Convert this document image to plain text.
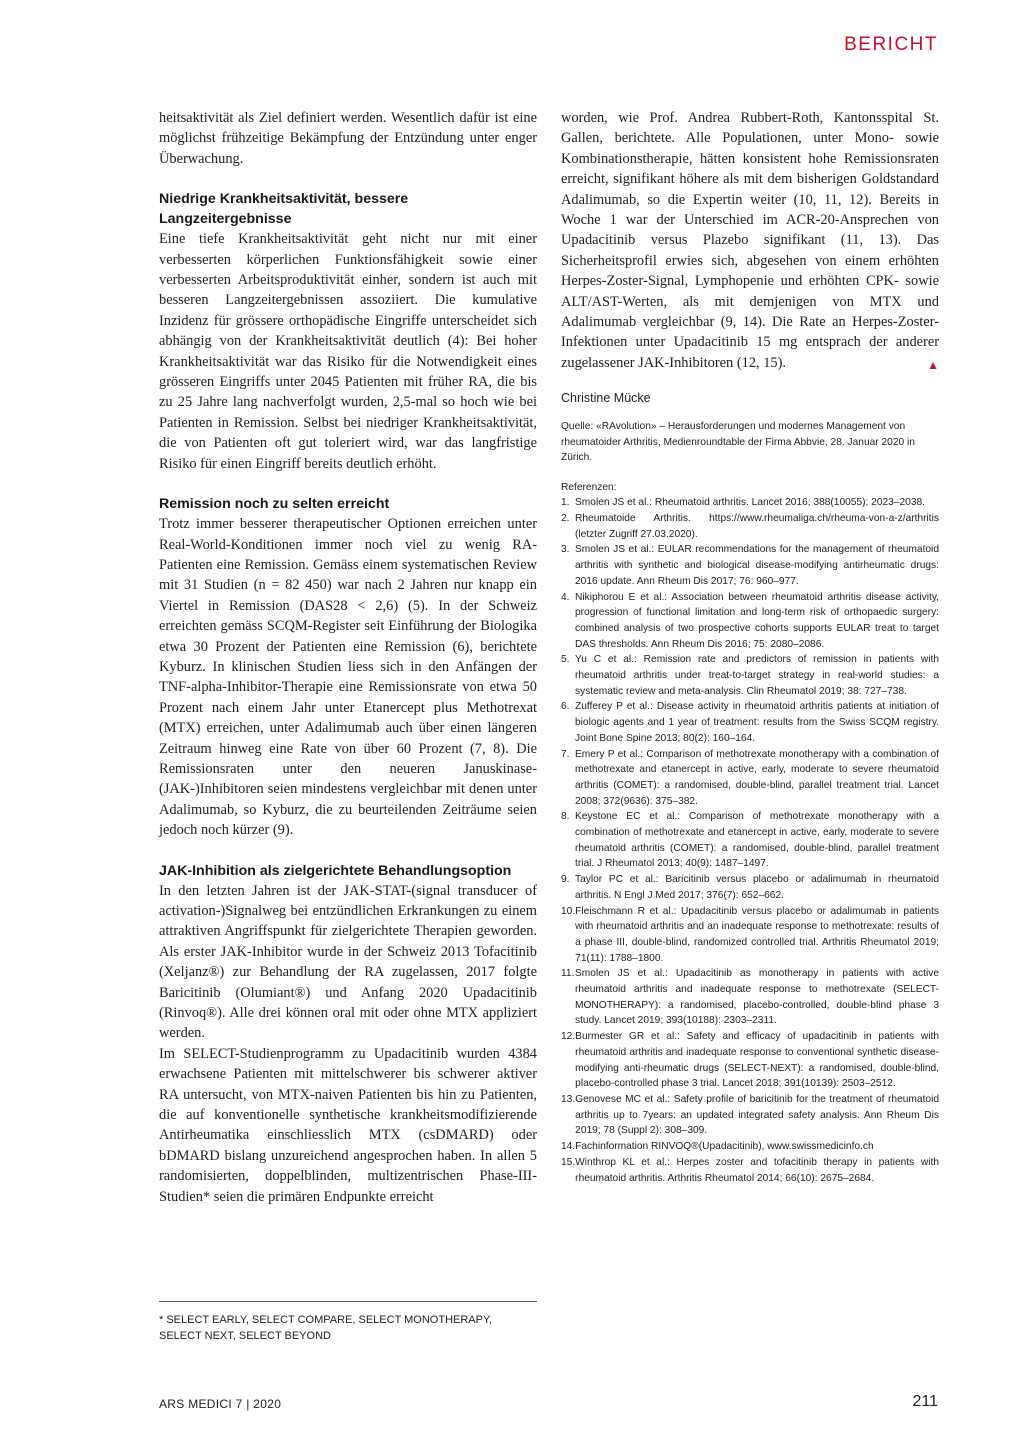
BERICHT

heitsaktivität als Ziel definiert werden. Wesentlich dafür ist eine möglichst frühzeitige Bekämpfung der Entzündung unter enger Überwachung.

Niedrige Krankheitsaktivität, bessere Langzeitergebnisse

Eine tiefe Krankheitsaktivität geht nicht nur mit einer verbesserten körperlichen Funktionsfähigkeit sowie einer verbesserten Arbeitsproduktivität einher, sondern ist auch mit besseren Langzeitergebnissen assoziiert. Die kumulative Inzidenz für grössere orthopädische Eingriffe unterscheidet sich abhängig von der Krankheitsaktivität deutlich (4): Bei hoher Krankheitsaktivität war das Risiko für die Notwendigkeit eines grösseren Eingriffs unter 2045 Patienten mit früher RA, die bis zu 25 Jahre lang nachverfolgt wurden, 2,5-mal so hoch wie bei Patienten in Remission. Selbst bei niedriger Krankheitsaktivität, die von Patienten oft gut toleriert wird, war das langfristige Risiko für einen Eingriff bereits deutlich erhöht.

Remission noch zu selten erreicht

Trotz immer besserer therapeutischer Optionen erreichen unter Real-World-Konditionen immer noch viel zu wenig RA-Patienten eine Remission. Gemäss einem systematischen Review mit 31 Studien (n = 82 450) war nach 2 Jahren nur knapp ein Viertel in Remission (DAS28 < 2,6) (5). In der Schweiz erreichten gemäss SCQM-Register seit Einführung der Biologika etwa 30 Prozent der Patienten eine Remission (6), berichtete Kyburz. In klinischen Studien liess sich in den Anfängen der TNF-alpha-Inhibitor-Therapie eine Remissionsrate von etwa 50 Prozent nach einem Jahr unter Etanercept plus Methotrexat (MTX) erreichen, unter Adalimumab auch über einen längeren Zeitraum hinweg eine Rate von über 60 Prozent (7, 8). Die Remissionsraten unter den neueren Januskinase-(JAK-)Inhibitoren seien mindestens vergleichbar mit denen unter Adalimumab, so Kyburz, die zu beurteilenden Zeiträume seien jedoch noch kürzer (9).

JAK-Inhibition als zielgerichtete Behandlungsoption

In den letzten Jahren ist der JAK-STAT-(signal transducer of activation-)Signalweg bei entzündlichen Erkrankungen zu einem attraktiven Angriffspunkt für zielgerichtete Therapien geworden. Als erster JAK-Inhibitor wurde in der Schweiz 2013 Tofacitinib (Xeljanz®) zur Behandlung der RA zugelassen, 2017 folgte Baricitinib (Olumiant®) und Anfang 2020 Upadacitinib (Rinvoq®). Alle drei können oral mit oder ohne MTX appliziert werden.

Im SELECT-Studienprogramm zu Upadacitinib wurden 4384 erwachsene Patienten mit mittelschwerer bis schwerer aktiver RA untersucht, von MTX-naiven Patienten bis hin zu Patienten, die auf konventionelle synthetische krankheitsmodifizierende Antirheumatika einschliesslich MTX (csDMARD) oder bDMARD bislang unzureichend angesprochen haben. In allen 5 randomisierten, doppelblinden, multizentrischen Phase-III-Studien* seien die primären Endpunkte erreicht

worden, wie Prof. Andrea Rubbert-Roth, Kantonsspital St. Gallen, berichtete. Alle Populationen, unter Mono- sowie Kombinationstherapie, hätten konsistent hohe Remissionsraten erreicht, signifikant höhere als mit dem bisherigen Goldstandard Adalimumab, so die Expertin weiter (10, 11, 12). Bereits in Woche 1 war der Unterschied im ACR-20-Ansprechen von Upadacitinib versus Plazebo signifikant (11, 13). Das Sicherheitsprofil erwies sich, abgesehen von einem erhöhten Herpes-Zoster-Signal, Lymphopenie und erhöhten CPK- sowie ALT/AST-Werten, als mit demjenigen von MTX und Adalimumab vergleichbar (9, 14). Die Rate an Herpes-Zoster-Infektionen unter Upadacitinib 15 mg entsprach der anderer zugelassener JAK-Inhibitoren (12, 15).	▲

Christine Mücke

Quelle: «RAvolution» – Herausforderungen und modernes Management von rheumatoider Arthritis, Medienroundtable der Firma Abbvie, 28. Januar 2020 in Zürich.

Referenzen:

1. Smolen JS et al.: Rheumatoid arthritis. Lancet 2016; 388(10055): 2023–2038.
2. Rheumatoide Arthritis. https://www.rheumaliga.ch/rheuma-von-a-z/arthritis (letzter Zugriff 27.03.2020).
3. Smolen JS et al.: EULAR recommendations for the management of rheumatoid arthritis with synthetic and biological disease-modifying antirheumatic drugs: 2016 update. Ann Rheum Dis 2017; 76: 960–977.
4. Nikiphorou E et al.: Association between rheumatoid arthritis disease activity, progression of functional limitation and long-term risk of orthopaedic surgery: combined analysis of two prospective cohorts supports EULAR treat to target DAS thresholds. Ann Rheum Dis 2016; 75: 2080–2086.
5. Yu C et al.: Remission rate and predictors of remission in patients with rheumatoid arthritis under treat-to-target strategy in real-world studies: a systematic review and meta-analysis. Clin Rheumatol 2019; 38: 727–738.
6. Zufferey P et al.: Disease activity in rheumatoid arthritis patients at initiation of biologic agents and 1 year of treatment: results from the Swiss SCQM registry. Joint Bone Spine 2013; 80(2): 160–164.
7. Emery P et al.: Comparison of methotrexate monotherapy with a combination of methotrexate and etanercept in active, early, moderate to severe rheumatoid arthritis (COMET): a randomised, double-blind, parallel treatment trial. Lancet 2008; 372(9636): 375–382.
8. Keystone EC et al.: Comparison of methotrexate monotherapy with a combination of methotrexate and etanercept in active, early, moderate to severe rheumatoid arthritis (COMET): a randomised, double-blind, parallel treatment trial. J Rheumatol 2013; 40(9): 1487–1497.
9. Taylor PC et al.: Baricitinib versus placebo or adalimumab in rheumatoid arthritis. N Engl J Med 2017; 376(7): 652–662.
10. Fleischmann R et al.: Upadacitinib versus placebo or adalimumab in patients with rheumatoid arthritis and an inadequate response to methotrexate: results of a phase III, double-blind, randomized controlled trial. Arthritis Rheumatol 2019; 71(11): 1788–1800.
11. Smolen JS et al.: Upadacitinib as monotherapy in patients with active rheumatoid arthritis and inadequate response to methotrexate (SELECT-MONOTHERAPY): a randomised, placebo-controlled, double-blind phase 3 study. Lancet 2019; 393(10188): 2303–2311.
12. Burmester GR et al.: Safety and efficacy of upadacitinib in patients with rheumatoid arthritis and inadequate response to conventional synthetic disease-modifying anti-rheumatic drugs (SELECT-NEXT): a randomised, double-blind, placebo-controlled phase 3 trial. Lancet 2018; 391(10139): 2503–2512.
13. Genovese MC et al.: Safety profile of baricitinib for the treatment of rheumatoid arthritis up to 7years: an updated integrated safety analysis. Ann Rheum Dis 2019; 78 (Suppl 2): 308–309.
14. Fachinformation RINVOQ®(Upadacitinib), www.swissmedicinfo.ch
15. Winthrop KL et al.: Herpes zoster and tofacitinib therapy in patients with rheumatoid arthritis. Arthritis Rheumatol 2014; 66(10): 2675–2684.
* SELECT EARLY, SELECT COMPARE, SELECT MONOTHERAPY, SELECT NEXT, SELECT BEYOND
ARS MEDICI 7 | 2020	211
